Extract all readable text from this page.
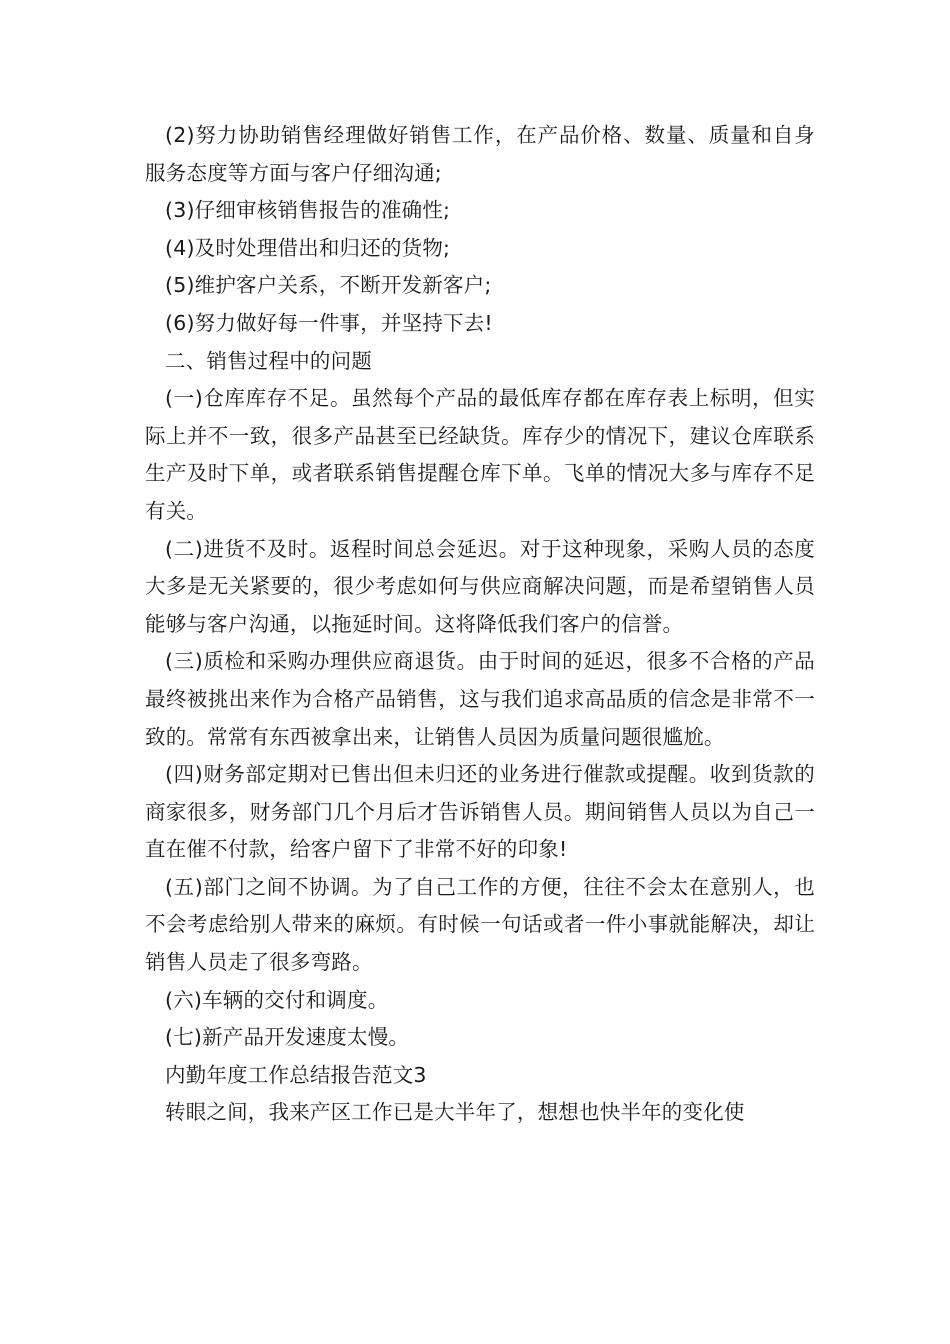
(2)努力协助销售经理做好销售工作，在产品价格、数量、质量和自身服务态度等方面与客户仔细沟通;

(3)仔细审核销售报告的准确性;

(4)及时处理借出和归还的货物;

(5)维护客户关系，不断开发新客户;

(6)努力做好每一件事，并坚持下去!

二、销售过程中的问题

(一)仓库库存不足。虽然每个产品的最低库存都在库存表上标明，但实际上并不一致，很多产品甚至已经缺货。库存少的情况下，建议仓库联系生产及时下单，或者联系销售提醒仓库下单。飞单的情况大多与库存不足有关。

(二)进货不及时。返程时间总会延迟。对于这种现象，采购人员的态度大多是无关紧要的，很少考虑如何与供应商解决问题，而是希望销售人员能够与客户沟通，以拖延时间。这将降低我们客户的信誉。

(三)质检和采购办理供应商退货。由于时间的延迟，很多不合格的产品最终被挑出来作为合格产品销售，这与我们追求高品质的信念是非常不一致的。常常有东西被拿出来，让销售人员因为质量问题很尴尬。

(四)财务部定期对已售出但未归还的业务进行催款或提醒。收到货款的商家很多，财务部门几个月后才告诉销售人员。期间销售人员以为自己一直在催不付款，给客户留下了非常不好的印象!

(五)部门之间不协调。为了自己工作的方便，往往不会太在意别人，也不会考虑给别人带来的麻烦。有时候一句话或者一件小事就能解决，却让销售人员走了很多弯路。

(六)车辆的交付和调度。

(七)新产品开发速度太慢。

内勤年度工作总结报告范文3

转眼之间，我来产区工作已是大半年了，想想也快半年的变化使
